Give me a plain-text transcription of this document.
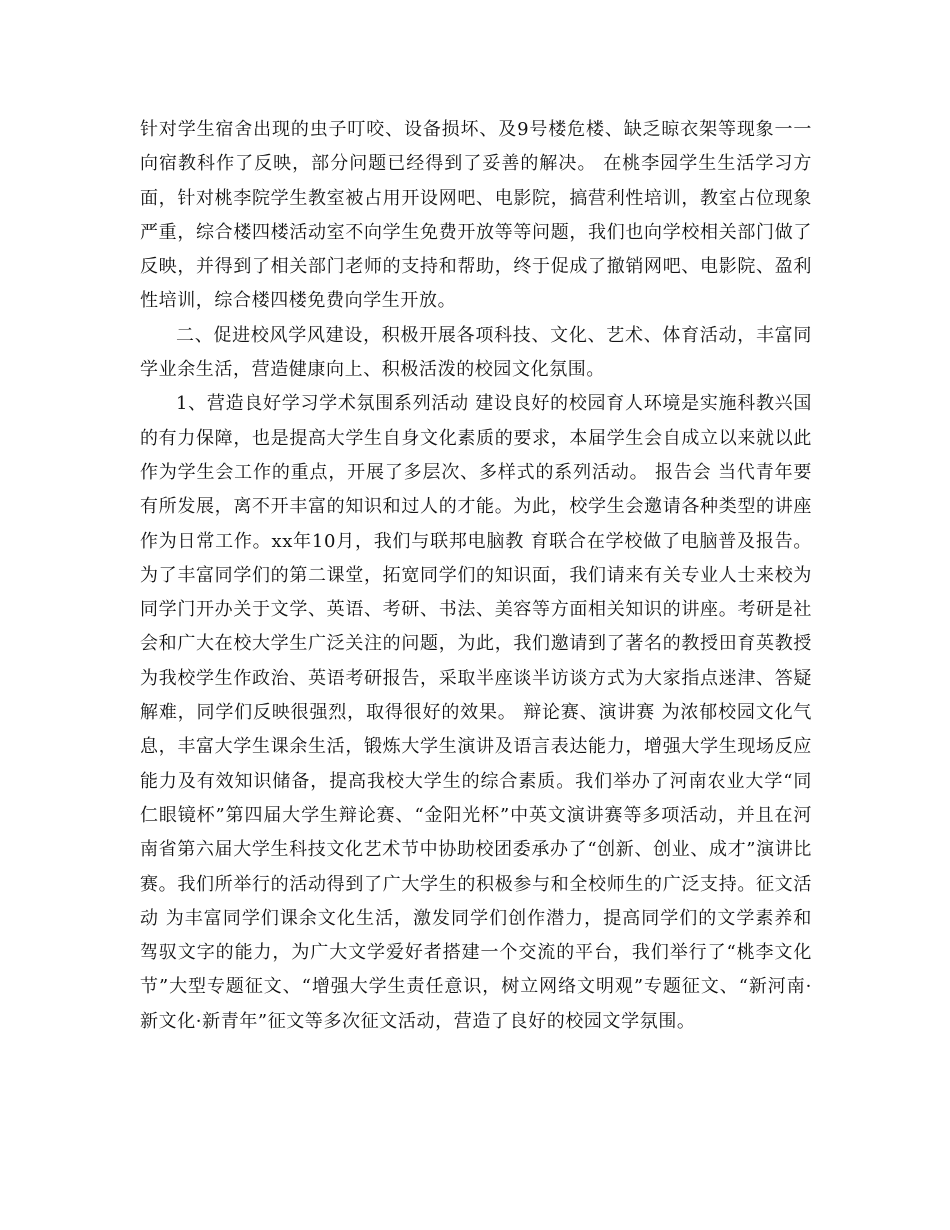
针对学生宿舍出现的虫子叮咬、设备损坏、及9号楼危楼、缺乏晾衣架等现象一一向宿教科作了反映，部分问题已经得到了妥善的解决。 在桃李园学生生活学习方面，针对桃李院学生教室被占用开设网吧、电影院，搞营利性培训，教室占位现象严重，综合楼四楼活动室不向学生免费开放等等问题，我们也向学校相关部门做了反映，并得到了相关部门老师的支持和帮助，终于促成了撤销网吧、电影院、盈利性培训，综合楼四楼免费向学生开放。

二、促进校风学风建设，积极开展各项科技、文化、艺术、体育活动，丰富同学业余生活，营造健康向上、积极活泼的校园文化氛围。

1、营造良好学习学术氛围系列活动 建设良好的校园育人环境是实施科教兴国的有力保障，也是提高大学生自身文化素质的要求，本届学生会自成立以来就以此作为学生会工作的重点，开展了多层次、多样式的系列活动。 报告会 当代青年要有所发展，离不开丰富的知识和过人的才能。为此，校学生会邀请各种类型的讲座作为日常工作。xx年10月，我们与联邦电脑教 育联合在学校做了电脑普及报告。为了丰富同学们的第二课堂，拓宽同学们的知识面，我们请来有关专业人士来校为同学门开办关于文学、英语、考研、书法、美容等方面相关知识的讲座。考研是社会和广大在校大学生广泛关注的问题，为此，我们邀请到了著名的教授田育英教授为我校学生作政治、英语考研报告，采取半座谈半访谈方式为大家指点迷津、答疑解难，同学们反映很强烈，取得很好的效果。 辩论赛、演讲赛 为浓郁校园文化气息，丰富大学生课余生活，锻炼大学生演讲及语言表达能力，增强大学生现场反应能力及有效知识储备，提高我校大学生的综合素质。我们举办了河南农业大学“同仁眼镜杯”第四届大学生辩论赛、“金阳光杯”中英文演讲赛等多项活动，并且在河南省第六届大学生科技文化艺术节中协助校团委承办了“创新、创业、成才”演讲比赛。我们所举行的活动得到了广大学生的积极参与和全校师生的广泛支持。征文活动 为丰富同学们课余文化生活，激发同学们创作潜力，提高同学们的文学素养和驾驭文字的能力，为广大文学爱好者搭建一个交流的平台，我们举行了“桃李文化节”大型专题征文、“增强大学生责任意识，树立网络文明观”专题征文、“新河南·新文化·新青年”征文等多次征文活动，营造了良好的校园文学氛围。
